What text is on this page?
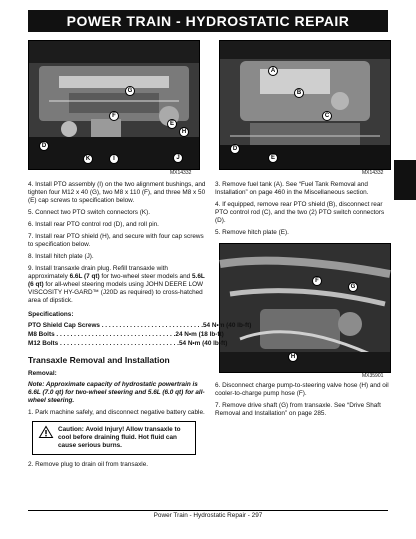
POWER TRAIN - HYDROSTATIC REPAIR
G
F
E
H
D
K	I	J
MX14332
A
B
C
D
E
MX14332
F
G
H
MX35901

4. Install PTO assembly (I) on the two alignment bushings, and tighten four M12 x 40 (G), two M8 x 110 (F), and three M8 x 50 (E) cap screws to specification below.

5. Connect two PTO switch connectors (K).

6. Install rear PTO control rod (D), and roll pin.

7. Install rear PTO shield (H), and secure with four cap screws to specification below.

8. Install hitch plate (J).

9. Install transaxle drain plug. Refill transaxle with approximately 6.6L (7 qt) for two-wheel steer models and 5.6L (6 qt) for all-wheel steering models using JOHN DEERE LOW VISCOSITY HY-GARD™ (J20D as required) to cross-hatched area of dipstick.

Specifications:
PTO Shield Cap Screws . . . . . . . . . . . . . . . . . . . . . . . . . . . . . 54 N•m (40 lb-ft)
M8 Bolts . . . . . . . . . . . . . . . . . . . . . . . . . . . . . . . . . . 24 N•m (18 lb-ft)
M12 Bolts . . . . . . . . . . . . . . . . . . . . . . . . . . . . . . . . . . 54 N•m (40 lb-ft)
Transaxle Removal and Installation
Removal:

Note: Approximate capacity of hydrostatic powertrain is 6.6L (7.0 qt) for two-wheel steering and 5.6L (6.0 qt) for all-wheel steering.

1. Park machine safely, and disconnect negative battery cable.

Caution: Avoid Injury! Allow transaxle to cool before draining fluid. Hot fluid can cause serious burns.

2. Remove plug to drain oil from transaxle.

3. Remove fuel tank (A). See “Fuel Tank Removal and Installation” on page 460 in the Miscellaneous section.

4. If equipped, remove rear PTO shield (B), disconnect rear PTO control rod (C), and the two (2) PTO switch connectors (D).

5. Remove hitch plate (E).

6. Disconnect charge pump-to-steering valve hose (H) and oil cooler-to-charge pump hose (F).

7. Remove drive shaft (G) from transaxle. See “Drive Shaft Removal and Installation” on page 285.

Power Train - Hydrostatic Repair - 297
